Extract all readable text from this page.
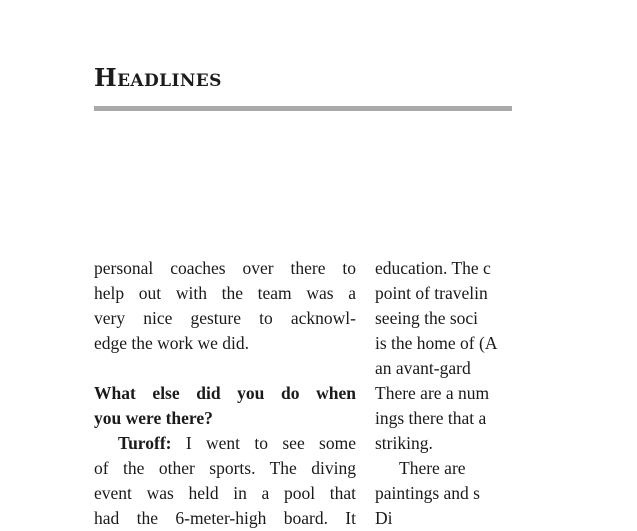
Headlines
personal coaches over there to
help out with the team was a
very nice gesture to acknowl-
edge the work we did.
What else did you do when
you were there?
Turoff: I went to see some
of the other sports. The diving
event was held in a pool that
had the 6-meter-high board. It
education. The c
point of travelin
seeing the soci
is the home of (A
an avant-gard
There are a num
ings there that a
striking.
There are
paintings and s
Di
